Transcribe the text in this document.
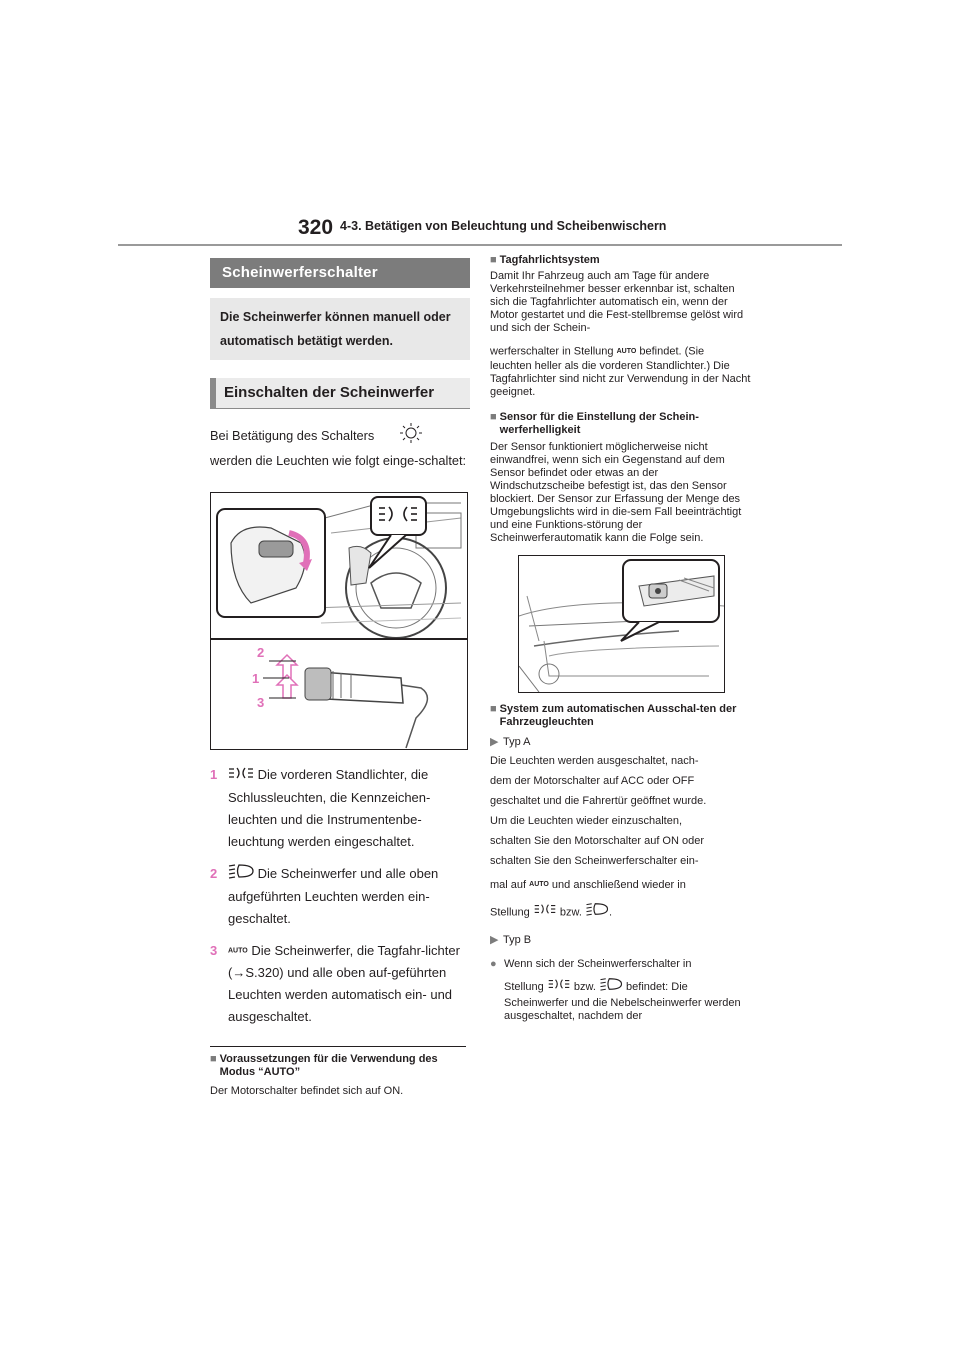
320 4-3. Betätigen von Beleuchtung und Scheibenwischern
Scheinwerferschalter
Die Scheinwerfer können manuell oder automatisch betätigt werden.
Einschalten der Scheinwerfer
Bei Betätigung des Schalters
werden die Leuchten wie folgt einge-schaltet:
2
1
3
1	Die vorderen Standlichter, die Schlussleuchten, die Kennzeichen-leuchten und die Instrumentenbe-leuchtung werden eingeschaltet.
2	Die Scheinwerfer und alle oben aufgeführten Leuchten werden ein-geschaltet.
3	AUTO Die Scheinwerfer, die Tagfahr-lichter (→S.320) und alle oben auf-geführten Leuchten werden automatisch ein- und ausgeschaltet.
■ Voraussetzungen für die Verwendung des Modus “AUTO”
Der Motorschalter befindet sich auf ON.
■ Tagfahrlichtsystem
Damit Ihr Fahrzeug auch am Tage für andere Verkehrsteilnehmer besser erkennbar ist, schalten sich die Tagfahrlichter automatisch ein, wenn der Motor gestartet und die Fest-stellbremse gelöst wird und sich der Schein-
werferschalter in Stellung AUTO befindet. (Sie
leuchten heller als die vorderen Standlichter.) Die Tagfahrlichter sind nicht zur Verwendung in der Nacht geeignet.
■ Sensor für die Einstellung der Schein-werferhelligkeit
Der Sensor funktioniert möglicherweise nicht einwandfrei, wenn sich ein Gegenstand auf dem Sensor befindet oder etwas an der Windschutzscheibe befestigt ist, das den Sensor blockiert. Der Sensor zur Erfassung der Menge des Umgebungslichts wird in die-sem Fall beeinträchtigt und eine Funktions-störung der Scheinwerferautomatik kann die Folge sein.
■ System zum automatischen Ausschal-ten der Fahrzeugleuchten
▶ Typ A
Die Leuchten werden ausgeschaltet, nach-
dem der Motorschalter auf ACC oder OFF
geschaltet und die Fahrertür geöffnet wurde.
Um die Leuchten wieder einzuschalten,
schalten Sie den Motorschalter auf ON oder
schalten Sie den Scheinwerferschalter ein-
mal auf AUTO und anschließend wieder in
Stellung	bzw. .
▶ Typ B
● Wenn sich der Scheinwerferschalter in
Stellung	bzw.	befindet: Die
Scheinwerfer und die Nebelscheinwerfer werden ausgeschaltet, nachdem der
